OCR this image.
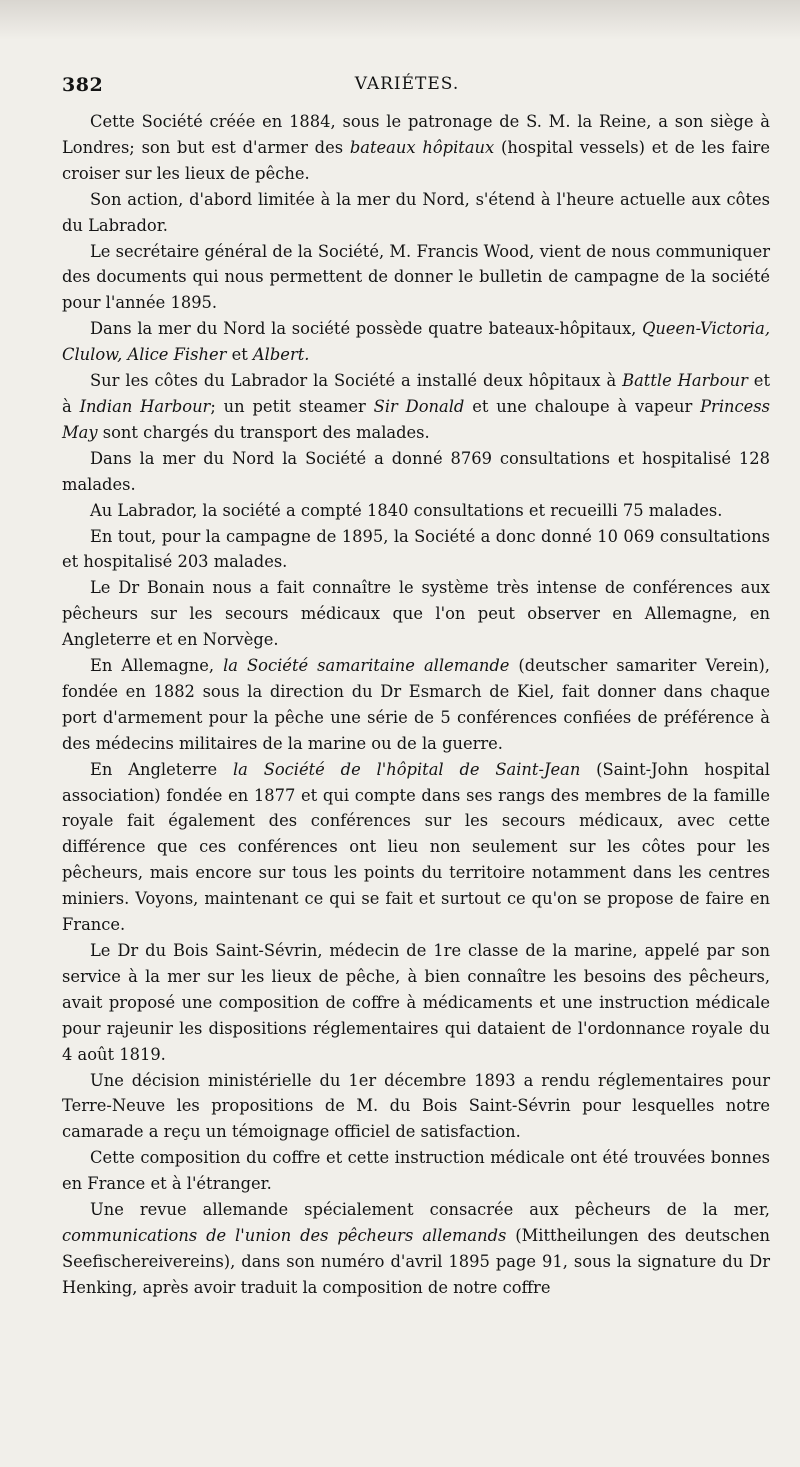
382	VARIÉTES.

Cette Société créée en 1884, sous le patronage de S. M. la Reine, a son siège à Londres; son but est d'armer des bateaux hôpitaux (hospital vessels) et de les faire croiser sur les lieux de pêche.

Son action, d'abord limitée à la mer du Nord, s'étend à l'heure actuelle aux côtes du Labrador.

Le secrétaire général de la Société, M. Francis Wood, vient de nous communiquer des documents qui nous permettent de donner le bulletin de campagne de la société pour l'année 1895.

Dans la mer du Nord la société possède quatre bateaux-hôpitaux, Queen-Victoria, Clulow, Alice Fisher et Albert.

Sur les côtes du Labrador la Société a installé deux hôpitaux à Battle Harbour et à Indian Harbour; un petit steamer Sir Donald et une chaloupe à vapeur Princess May sont chargés du transport des malades.

Dans la mer du Nord la Société a donné 8769 consultations et hospitalisé 128 malades.

Au Labrador, la société a compté 1840 consultations et recueilli 75 malades.

En tout, pour la campagne de 1895, la Société a donc donné 10 069 consultations et hospitalisé 203 malades.

Le Dr Bonain nous a fait connaître le système très intense de conférences aux pêcheurs sur les secours médicaux que l'on peut observer en Allemagne, en Angleterre et en Norvège.

En Allemagne, la Société samaritaine allemande (deutscher samariter Verein), fondée en 1882 sous la direction du Dr Esmarch de Kiel, fait donner dans chaque port d'armement pour la pêche une série de 5 conférences confiées de préférence à des médecins militaires de la marine ou de la guerre.

En Angleterre la Société de l'hôpital de Saint-Jean (Saint-John hospital association) fondée en 1877 et qui compte dans ses rangs des membres de la famille royale fait également des conférences sur les secours médicaux, avec cette différence que ces conférences ont lieu non seulement sur les côtes pour les pêcheurs, mais encore sur tous les points du territoire notamment dans les centres miniers. Voyons, maintenant ce qui se fait et surtout ce qu'on se propose de faire en France.

Le Dr du Bois Saint-Sévrin, médecin de 1re classe de la marine, appelé par son service à la mer sur les lieux de pêche, à bien connaître les besoins des pêcheurs, avait proposé une composition de coffre à médicaments et une instruction médicale pour rajeunir les dispositions réglementaires qui dataient de l'ordonnance royale du 4 août 1819.

Une décision ministérielle du 1er décembre 1893 a rendu réglementaires pour Terre-Neuve les propositions de M. du Bois Saint-Sévrin pour lesquelles notre camarade a reçu un témoignage officiel de satisfaction.

Cette composition du coffre et cette instruction médicale ont été trouvées bonnes en France et à l'étranger.

Une revue allemande spécialement consacrée aux pêcheurs de la mer, communications de l'union des pêcheurs allemands (Mittheilungen des deutschen Seefischereivereins), dans son numéro d'avril 1895 page 91, sous la signature du Dr Henking, après avoir traduit la composition de notre coffre
